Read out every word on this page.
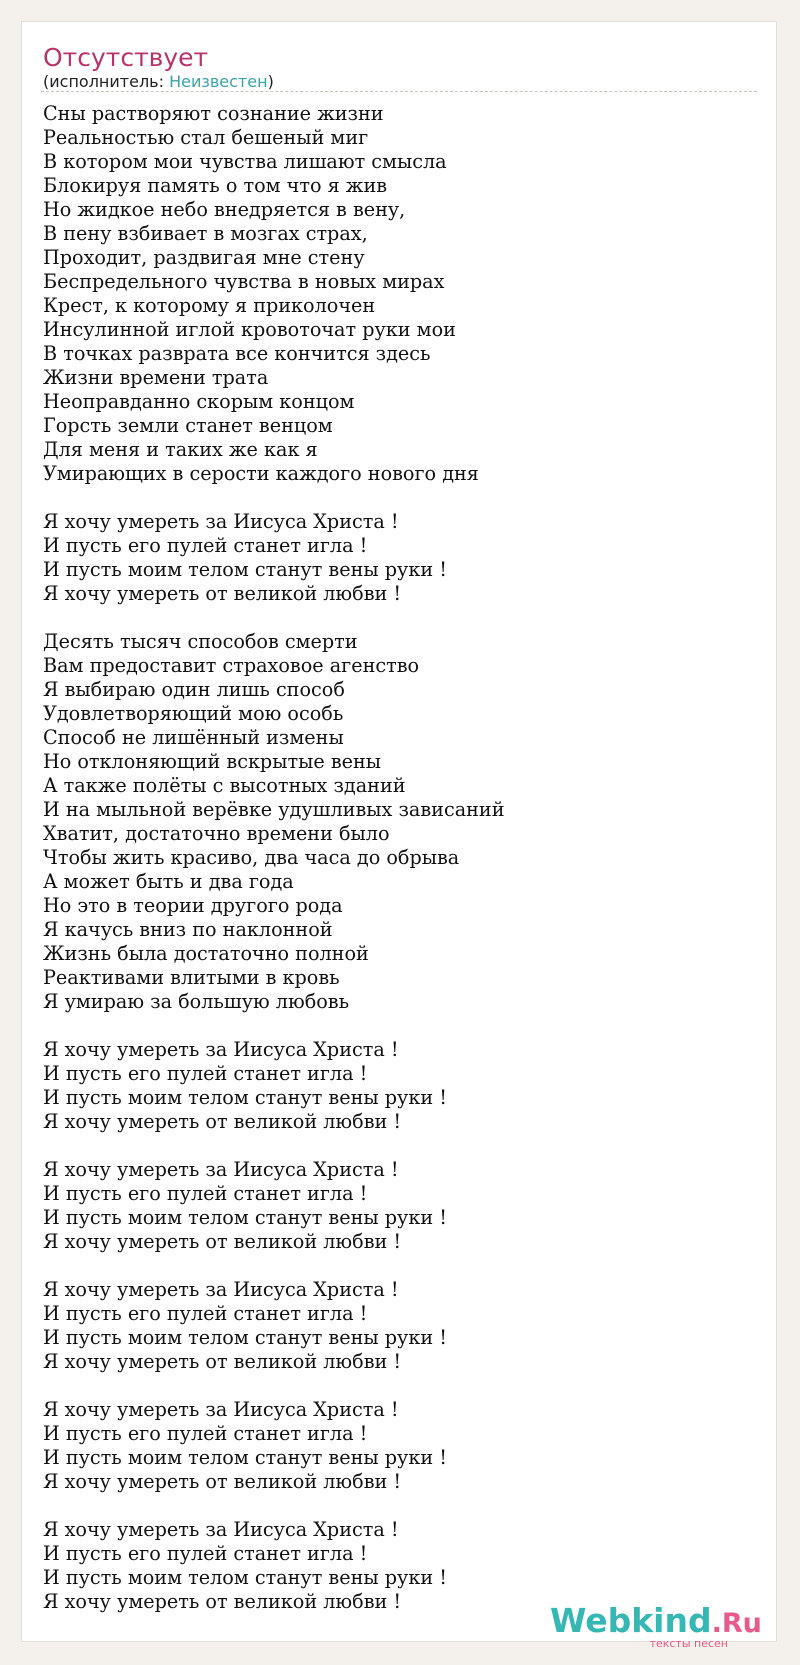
Отсутствует
(исполнитель: Неизвестен)
Сны растворяют сознание жизни
Реальностью стал бешеный миг
В котором мои чувства лишают смысла
Блокируя память о том что я жив
Но жидкое небо внедряется в вену,
В пену взбивает в мозгах страх,
Проходит, раздвигая мне стену
Беспредельного чувства в новых мирах
Крест, к которому я приколочен
Инсулинной иглой кровоточат руки мои
В точках разврата все кончится здесь
Жизни времени трата
Неоправданно скорым концом
Горсть земли станет венцом
Для меня и таких же как я
Умирающих в серости каждого нового дня
Я хочу умереть за Иисуса Христа !
И пусть его пулей станет игла !
И пусть моим телом станут вены руки !
Я хочу умереть от великой любви !
Десять тысяч способов смерти
Вам предоставит страховое агенство
Я выбираю один лишь способ
Удовлетворяющий мою особь
Способ не лишённый измены
Но отклоняющий вскрытые вены
А также полёты с высотных зданий
И на мыльной верёвке удушливых зависаний
Хватит, достаточно времени было
Чтобы жить красиво, два часа до обрыва
А может быть и два года
Но это в теории другого рода
Я качусь вниз по наклонной
Жизнь была достаточно полной
Реактивами влитыми в кровь
Я умираю за большую любовь
Я хочу умереть за Иисуса Христа !
И пусть его пулей станет игла !
И пусть моим телом станут вены руки !
Я хочу умереть от великой любви !
Я хочу умереть за Иисуса Христа !
И пусть его пулей станет игла !
И пусть моим телом станут вены руки !
Я хочу умереть от великой любви !
Я хочу умереть за Иисуса Христа !
И пусть его пулей станет игла !
И пусть моим телом станут вены руки !
Я хочу умереть от великой любви !
Я хочу умереть за Иисуса Христа !
И пусть его пулей станет игла !
И пусть моим телом станут вены руки !
Я хочу умереть от великой любви !
Я хочу умереть за Иисуса Христа !
И пусть его пулей станет игла !
И пусть моим телом станут вены руки !
Я хочу умереть от великой любви !	Webkind.Ru
тексты песен
